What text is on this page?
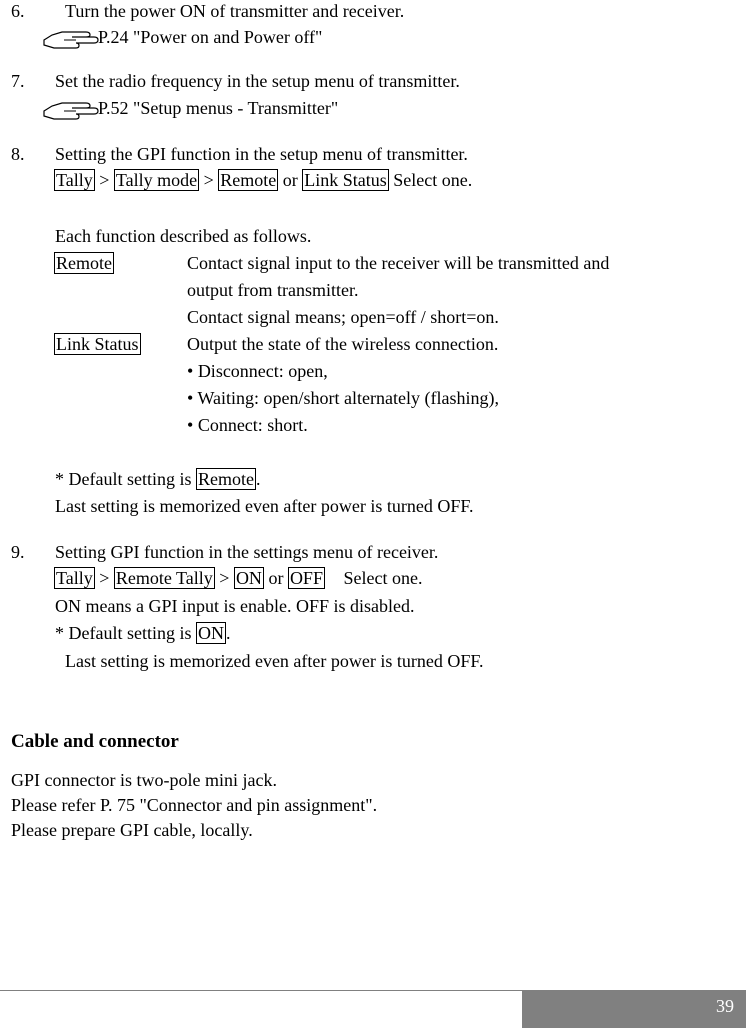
6. Turn the power ON of transmitter and receiver.
P.24 "Power on and Power off"
7. Set the radio frequency in the setup menu of transmitter.
P.52 "Setup menus - Transmitter"
8. Setting the GPI function in the setup menu of transmitter.
Tally > Tally mode > Remote or Link Status Select one.
Each function described as follows.
Remote	Contact signal input to the receiver will be transmitted and
output from transmitter.
Contact signal means; open=off / short=on.
Link Status	Output the state of the wireless connection.
• Disconnect: open,
• Waiting: open/short alternately (flashing),
• Connect: short.
* Default setting is Remote .
Last setting is memorized even after power is turned OFF.
9. Setting GPI function in the settings menu of receiver.
Tally > Remote Tally > ON or OFF Select one.
ON means a GPI input is enable. OFF is disabled.
* Default setting is ON .
Last setting is memorized even after power is turned OFF.
Cable and connector
GPI connector is two-pole mini jack.
Please refer P. 75 "Connector and pin assignment".
Please prepare GPI cable, locally.
39
